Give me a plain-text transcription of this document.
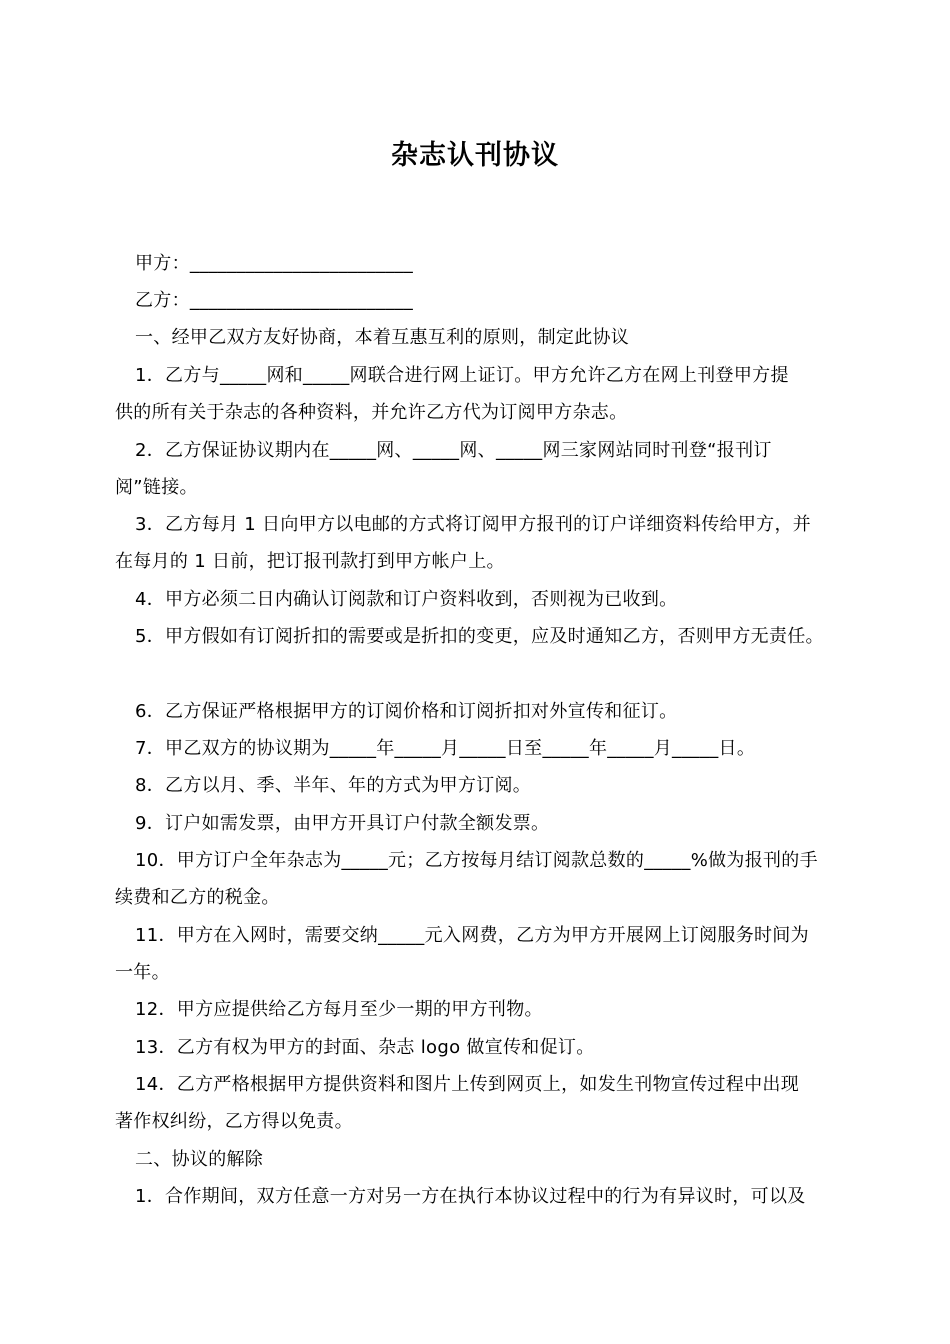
杂志认刊协议
甲方：________________________
乙方：________________________
一、经甲乙双方友好协商，本着互惠互利的原则，制定此协议
1．乙方与_____网和_____网联合进行网上证订。甲方允许乙方在网上刊登甲方提
供的所有关于杂志的各种资料，并允许乙方代为订阅甲方杂志。
2．乙方保证协议期内在_____网、_____网、_____网三家网站同时刊登“报刊订
阅”链接。
3．乙方每月 1 日向甲方以电邮的方式将订阅甲方报刊的订户详细资料传给甲方，并
在每月的 1 日前，把订报刊款打到甲方帐户上。
4．甲方必须二日内确认订阅款和订户资料收到，否则视为已收到。
5．甲方假如有订阅折扣的需要或是折扣的变更，应及时通知乙方，否则甲方无责任。
6．乙方保证严格根据甲方的订阅价格和订阅折扣对外宣传和征订。
7．甲乙双方的协议期为_____年_____月_____日至_____年_____月_____日。
8．乙方以月、季、半年、年的方式为甲方订阅。
9．订户如需发票，由甲方开具订户付款全额发票。
10．甲方订户全年杂志为_____元；乙方按每月结订阅款总数的_____%做为报刊的手
续费和乙方的税金。
11．甲方在入网时，需要交纳_____元入网费，乙方为甲方开展网上订阅服务时间为
一年。
12．甲方应提供给乙方每月至少一期的甲方刊物。
13．乙方有权为甲方的封面、杂志 logo 做宣传和促订。
14．乙方严格根据甲方提供资料和图片上传到网页上，如发生刊物宣传过程中出现
著作权纠纷，乙方得以免责。
二、协议的解除
1．合作期间，双方任意一方对另一方在执行本协议过程中的行为有异议时，可以及
